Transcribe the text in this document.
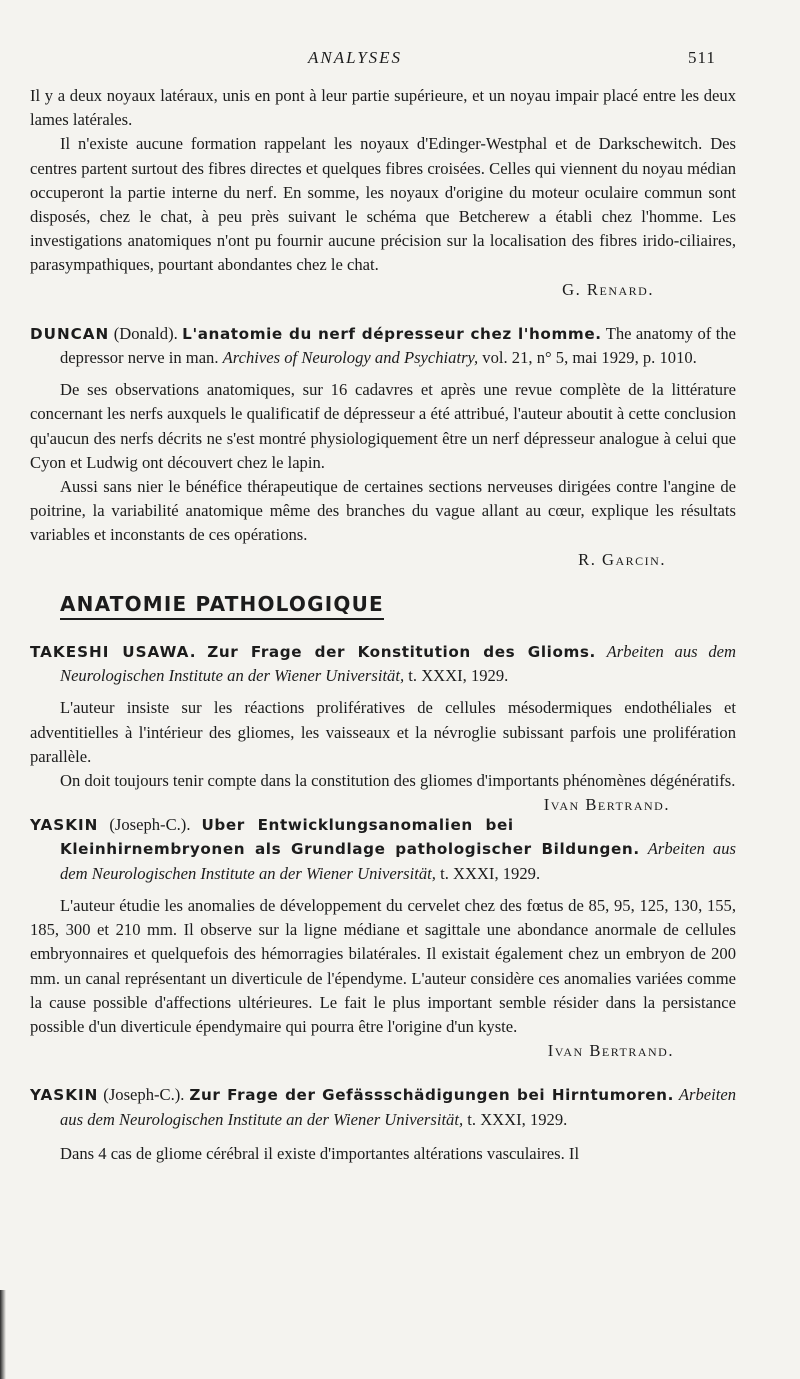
ANALYSES	511

Il y a deux noyaux latéraux, unis en pont à leur partie supérieure, et un noyau impair placé entre les deux lames latérales.

Il n'existe aucune formation rappelant les noyaux d'Edinger-Westphal et de Darkschewitch. Des centres partent surtout des fibres directes et quelques fibres croisées. Celles qui viennent du noyau médian occuperont la partie interne du nerf. En somme, les noyaux d'origine du moteur oculaire commun sont disposés, chez le chat, à peu près suivant le schéma que Betcherew a établi chez l'homme. Les investigations anatomiques n'ont pu fournir aucune précision sur la localisation des fibres irido-ciliaires, parasympathiques, pourtant abondantes chez le chat.

G. Renard.

DUNCAN (Donald). L'anatomie du nerf dépresseur chez l'homme. The anatomy of the depressor nerve in man. Archives of Neurology and Psychiatry, vol. 21, n° 5, mai 1929, p. 1010.

De ses observations anatomiques, sur 16 cadavres et après une revue complète de la littérature concernant les nerfs auxquels le qualificatif de dépresseur a été attribué, l'auteur aboutit à cette conclusion qu'aucun des nerfs décrits ne s'est montré physiologiquement être un nerf dépresseur analogue à celui que Cyon et Ludwig ont découvert chez le lapin.

Aussi sans nier le bénéfice thérapeutique de certaines sections nerveuses dirigées contre l'angine de poitrine, la variabilité anatomique même des branches du vague allant au cœur, explique les résultats variables et inconstants de ces opérations.

R. Garcin.

ANATOMIE PATHOLOGIQUE

TAKESHI USAWA. Zur Frage der Konstitution des Glioms. Arbeiten aus dem Neurologischen Institute an der Wiener Universität, t. XXXI, 1929.

L'auteur insiste sur les réactions prolifératives de cellules mésodermiques endothéliales et adventitielles à l'intérieur des gliomes, les vaisseaux et la névroglie subissant parfois une prolifération parallèle.

On doit toujours tenir compte dans la constitution des gliomes d'importants phénomènes dégénératifs.
Ivan Bertrand.

YASKIN (Joseph-C.). Uber Entwicklungsanomalien bei Kleinhirnembryonen als Grundlage pathologischer Bildungen. Arbeiten aus dem Neurologischen Institute an der Wiener Universität, t. XXXI, 1929.

L'auteur étudie les anomalies de développement du cervelet chez des fœtus de 85, 95, 125, 130, 155, 185, 300 et 210 mm. Il observe sur la ligne médiane et sagittale une abondance anormale de cellules embryonnaires et quelquefois des hémorragies bilatérales. Il existait également chez un embryon de 200 mm. un canal représentant un diverticule de l'épendyme. L'auteur considère ces anomalies variées comme la cause possible d'affections ultérieures. Le fait le plus important semble résider dans la persistance possible d'un diverticule épendymaire qui pourra être l'origine d'un kyste.

Ivan Bertrand.

YASKIN (Joseph-C.). Zur Frage der Gefässschädigungen bei Hirntumoren. Arbeiten aus dem Neurologischen Institute an der Wiener Universität, t. XXXI, 1929.

Dans 4 cas de gliome cérébral il existe d'importantes altérations vasculaires. Il
